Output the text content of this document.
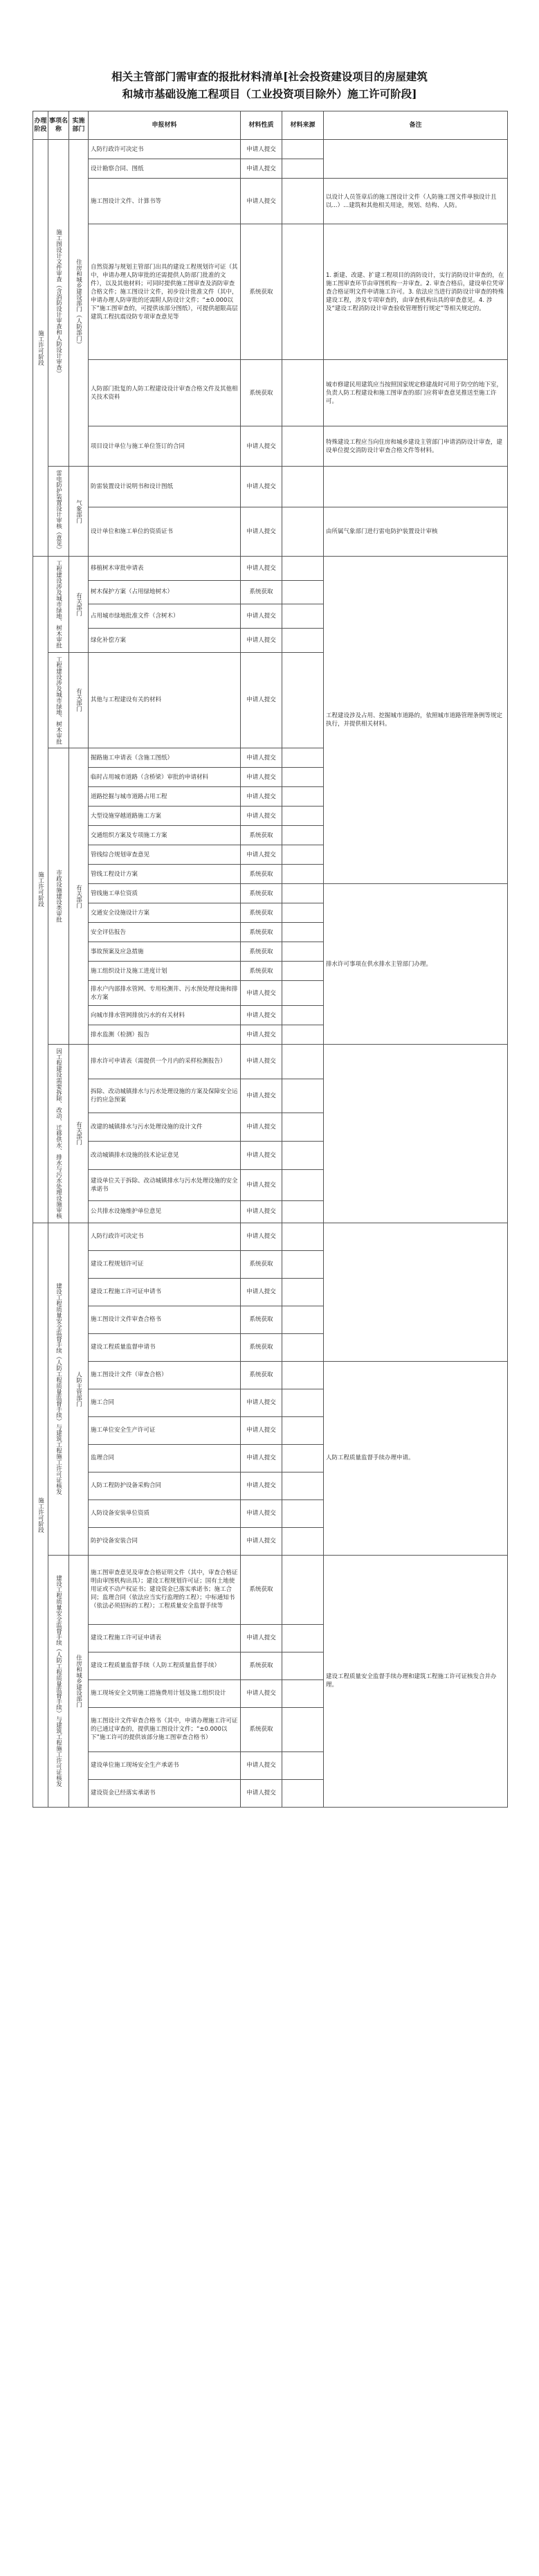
相关主管部门需审查的报批材料清单[社会投资建设项目的房屋建筑
和城市基础设施工程项目（工业投资项目除外）施工许可阶段]
办理阶段	事项名称	实施部门	申报材料	材料性质	材料来源	备注

施工许可阶段	施工图设计文件审查（含消防设计审查和人防设计审查）	住房和城乡建设部门（人防部门）	人防行政许可决定书	申请人提交		
			设计勘察合同、图纸	申请人提交		
			施工图设计文件、计算书等	申请人提交		以设计人员签章后的施工图设计文件（人防施工图文件单独设计且以...）...建筑和其他相关用途，规划、结构、人防。
			自然资源与规划主管部门出具的建设工程规划许可证（其中，申请办理人防审批的还需提供人防部门批准的文件），以及其他材料；可同时提供施工图审查及消防审查合格文件；施工图设计文件，初步设计批准文件（其中，申请办理人防审批的还需附人防设计文件；“±0.000以下”施工图审查的，可提供该部分图纸），可提供超限高层建筑工程抗震设防专项审查意见等	系统获取		1. 新建、改建、扩建工程项目的消防设计，实行消防设计审查的，在施工图审查环节由审图机构一并审查。2. 审查合格后，建设单位凭审查合格证明文件申请施工许可。3. 依法应当进行消防设计审查的特殊建设工程，涉及专项审查的，由审查机构出具的审查意见。4. 涉及“建设工程消防设计审查验收管理暂行规定”等相关规定的。
			人防部门批复的人防工程建设设计审查合格文件及其他相关技术资料	系统获取		城市修建民用建筑应当按照国家规定修建战时可用于防空的地下室，负责人防工程建设和施工图审查的部门应将审查意见推送至施工许可。
			项目设计单位与施工单位签订的合同	申请人提交		特殊建设工程应当向住房和城乡建设主管部门申请消防设计审查，建设单位提交消防设计审查合格文件等材料。

	雷电防护装置设计审核（意见）	气象部门	防雷装置设计说明书和设计图纸	申请人提交		
			设计单位和施工单位的资质证书	申请人提交		由所属气象部门进行雷电防护装置设计审核

施工许可阶段	工程建设涉及城市绿地、树木审批	有关部门	移植树木审批申请表	申请人提交		工程建设涉及占用、挖掘城市道路的，依照城市道路管理条例等规定执行，并提供相关材料。
			树木保护方案（占用绿地树木）	系统获取		
			占用城市绿地批准文件（含树木）	申请人提交		
			绿化补偿方案	申请人提交		

	工程建设涉及城市绿地、树木审批	有关部门	其他与工程建设有关的材料	申请人提交		

	市政设施建设类审批	有关部门	掘路施工申请表（含施工图纸）	申请人提交		
			临时占用城市道路（含桥梁）审批的申请材料	申请人提交		
			道路挖掘与城市道路占用工程	申请人提交		
			大型设施穿越道路施工方案	申请人提交		
			交通组织方案及专项施工方案	系统获取		
			管线综合规划审查意见	申请人提交		
			管线工程设计方案	系统获取		
			管线施工单位资质	系统获取		排水许可事项在供水排水主管部门办理。
			交通安全设施设计方案	系统获取		
			安全评估报告	系统获取		
			事故预案及应急措施	系统获取		
			施工组织设计及施工进度计划	系统获取		
			排水户内部排水管网、专用检测井、污水预处理设施和排水方案	申请人提交		
			向城市排水管网排放污水的有关材料	申请人提交		
			排水监测（检测）报告	申请人提交		

	因工程建设需要拆除、改动、迁移供水、排水与污水处理设施审核	有关部门	排水许可申请表（需提供一个月内的采样检测报告）	申请人提交		
			拆除、改动城镇排水与污水处理设施的方案及保障安全运行的应急预案	申请人提交		
			改建的城镇排水与污水处理设施的设计文件	申请人提交		
			改动城镇排水设施的技术论证意见	申请人提交		
			建设单位关于拆除、改动城镇排水与污水处理设施的安全承诺书	申请人提交		
			公共排水设施维护单位意见	申请人提交		

施工许可阶段	建设工程质量安全监督手续（人防工程质量监督手续）与建筑工程施工许可证核发	人防主管部门	人防行政许可决定书	申请人提交		
			建设工程规划许可证	系统获取		
			建设工程施工许可证申请书	申请人提交		
			施工图设计文件审查合格书	系统获取		
			建设工程质量监督申请书	系统获取		
			施工图设计文件（审查合格）	系统获取		人防工程质量监督手续办理申请。
			施工合同	申请人提交		
			施工单位安全生产许可证	申请人提交		
			监理合同	申请人提交		
			人防工程防护设备采购合同	申请人提交		
			人防设备安装单位资质	申请人提交		
			防护设备安装合同	申请人提交		

	建设工程质量安全监督手续（人防工程质量监督手续）与建筑工程施工许可证核发	住房和城乡建设部门	施工图审查意见及审查合格证明文件（其中，审查合格证明由审图机构出具）；建设工程规划许可证；国有土地使用证或不动产权证书；建设资金已落实承诺书；施工合同；监理合同（依法应当实行监理的工程）；中标通知书（依法必须招标的工程）；工程质量安全监督手续等	系统获取		建设工程质量安全监督手续办理和建筑工程施工许可证核发合并办理。
			建设工程施工许可证申请表	申请人提交		
			建设工程质量监督手续（人防工程质量监督手续）	系统获取		
			施工现场安全文明施工措施费用计划及施工组织设计	申请人提交		
			施工图设计文件审查合格书（其中，申请办理施工许可证的已通过审查的，提供施工图设计文件；“±0.000以下”施工许可的提供该部分施工图审查合格书）	系统获取		
			建设单位施工现场安全生产承诺书	申请人提交		
			建设资金已经落实承诺书	申请人提交		
